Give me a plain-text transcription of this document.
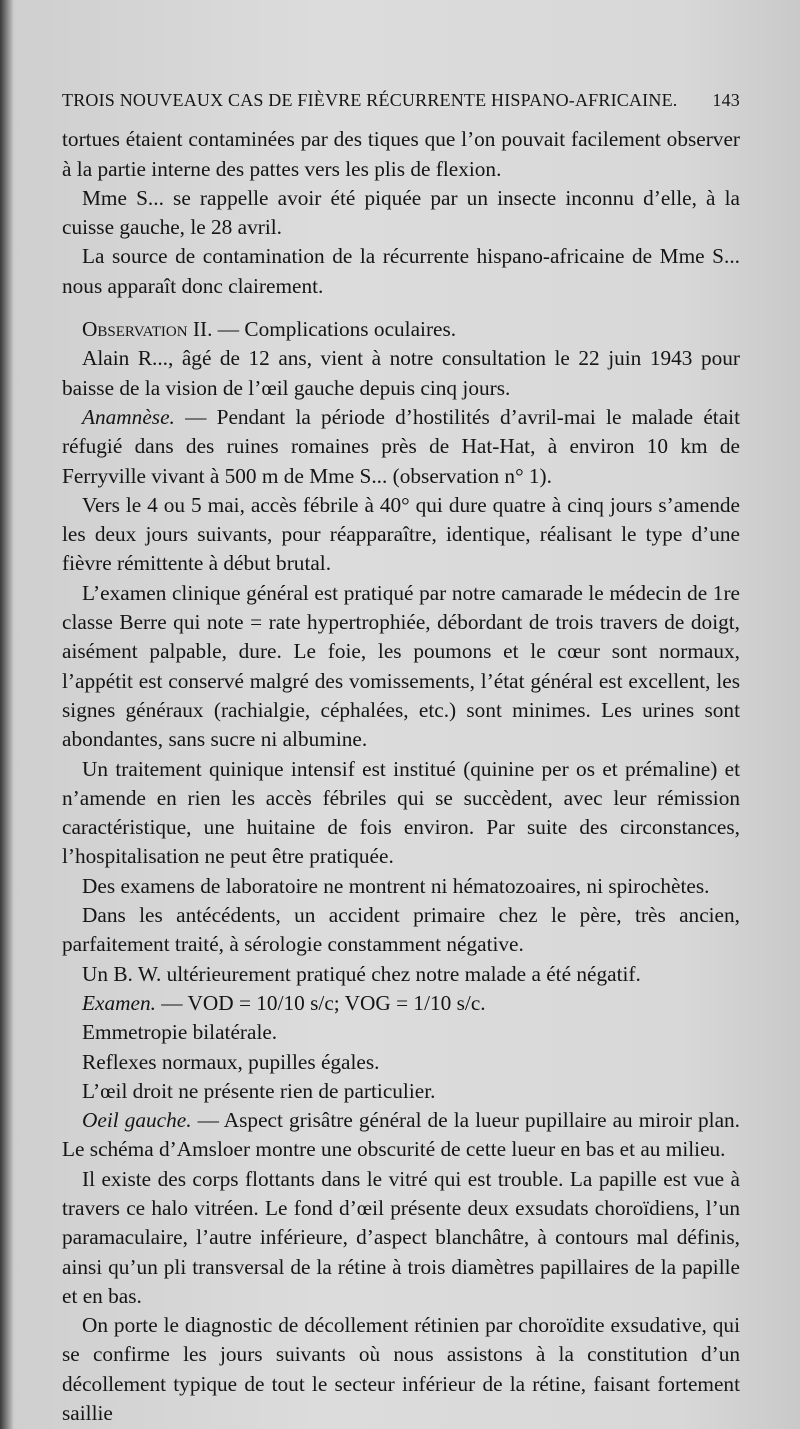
TROIS NOUVEAUX CAS DE FIÈVRE RÉCURRENTE HISPANO-AFRICAINE. 143

tortues étaient contaminées par des tiques que l’on pouvait facilement observer à la partie interne des pattes vers les plis de flexion.

Mme S... se rappelle avoir été piquée par un insecte inconnu d’elle, à la cuisse gauche, le 28 avril.

La source de contamination de la récurrente hispano-africaine de Mme S... nous apparaît donc clairement.

Observation II. — Complications oculaires.

Alain R..., âgé de 12 ans, vient à notre consultation le 22 juin 1943 pour baisse de la vision de l’œil gauche depuis cinq jours.

Anamnèse. — Pendant la période d’hostilités d’avril-mai le malade était réfugié dans des ruines romaines près de Hat-Hat, à environ 10 km de Ferryville vivant à 500 m de Mme S... (observation n° 1).

Vers le 4 ou 5 mai, accès fébrile à 40° qui dure quatre à cinq jours s’amende les deux jours suivants, pour réapparaître, identique, réalisant le type d’une fièvre rémittente à début brutal.

L’examen clinique général est pratiqué par notre camarade le médecin de 1re classe Berre qui note = rate hypertrophiée, débordant de trois travers de doigt, aisément palpable, dure. Le foie, les poumons et le cœur sont normaux, l’appétit est conservé malgré des vomissements, l’état général est excellent, les signes généraux (rachialgie, céphalées, etc.) sont minimes. Les urines sont abondantes, sans sucre ni albumine.

Un traitement quinique intensif est institué (quinine per os et prémaline) et n’amende en rien les accès fébriles qui se succèdent, avec leur rémission caractéristique, une huitaine de fois environ. Par suite des circonstances, l’hospitalisation ne peut être pratiquée.

Des examens de laboratoire ne montrent ni hématozoaires, ni spirochètes.

Dans les antécédents, un accident primaire chez le père, très ancien, parfaitement traité, à sérologie constamment négative.

Un B. W. ultérieurement pratiqué chez notre malade a été négatif.

Examen. — VOD = 10/10 s/c; VOG = 1/10 s/c.

Emmetropie bilatérale.

Reflexes normaux, pupilles égales.

L’œil droit ne présente rien de particulier.

Oeil gauche. — Aspect grisâtre général de la lueur pupillaire au miroir plan. Le schéma d’Amsloer montre une obscurité de cette lueur en bas et au milieu.

Il existe des corps flottants dans le vitré qui est trouble. La papille est vue à travers ce halo vitréen. Le fond d’œil présente deux exsudats choroïdiens, l’un paramaculaire, l’autre inférieure, d’aspect blanchâtre, à contours mal définis, ainsi qu’un pli transversal de la rétine à trois diamètres papillaires de la papille et en bas.

On porte le diagnostic de décollement rétinien par choroïdite exsudative, qui se confirme les jours suivants où nous assistons à la constitution d’un décollement typique de tout le secteur inférieur de la rétine, faisant fortement saillie
